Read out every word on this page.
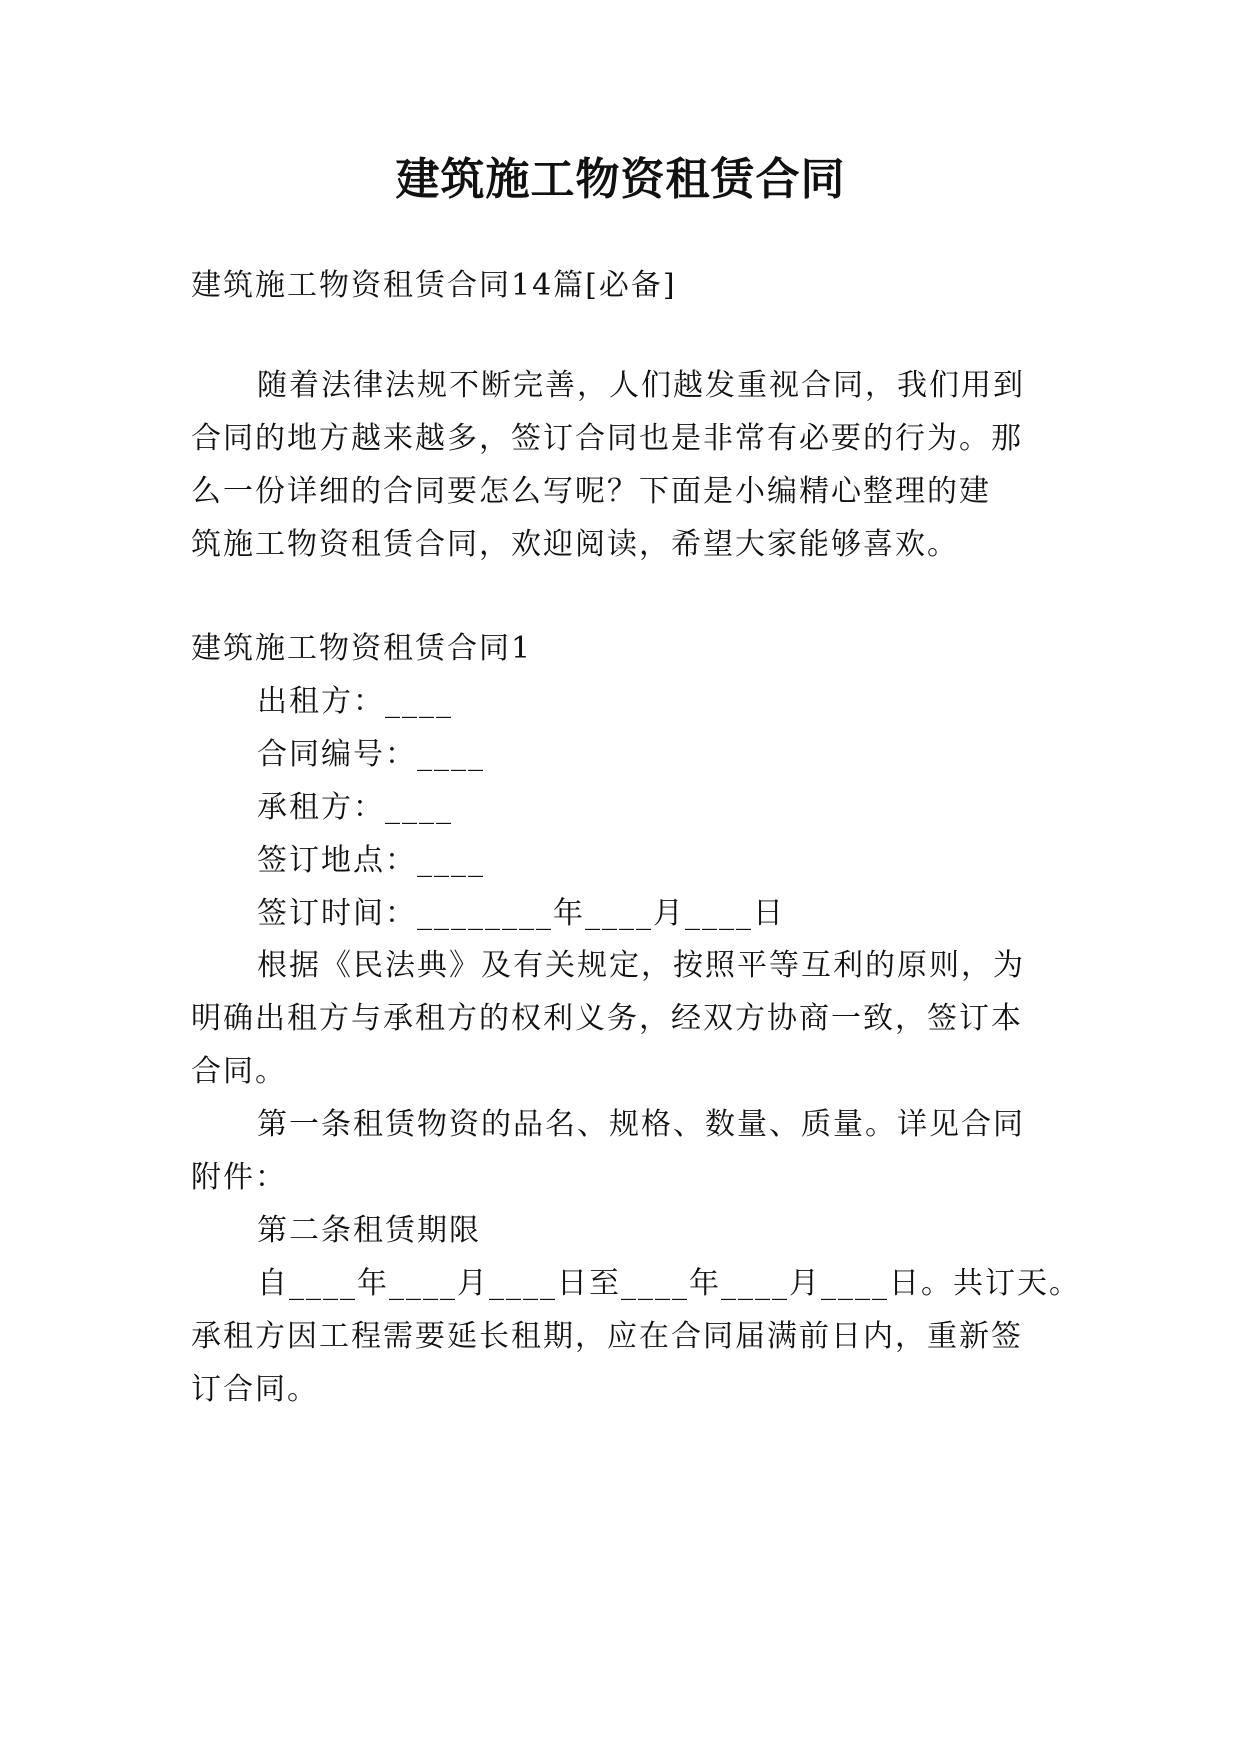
建筑施工物资租赁合同

建筑施工物资租赁合同14篇[必备]

随着法律法规不断完善，人们越发重视合同，我们用到

合同的地方越来越多，签订合同也是非常有必要的行为。那

么一份详细的合同要怎么写呢？下面是小编精心整理的建

筑施工物资租赁合同，欢迎阅读，希望大家能够喜欢。

建筑施工物资租赁合同1

出租方：____

合同编号：____

承租方：____

签订地点：____

签订时间：________年____月____日

根据《民法典》及有关规定，按照平等互利的原则，为

明确出租方与承租方的权利义务，经双方协商一致，签订本

合同。

第一条租赁物资的品名、规格、数量、质量。详见合同

附件：

第二条租赁期限

自____年____月____日至____年____月____日。共订天。

承租方因工程需要延长租期，应在合同届满前日内，重新签

订合同。
